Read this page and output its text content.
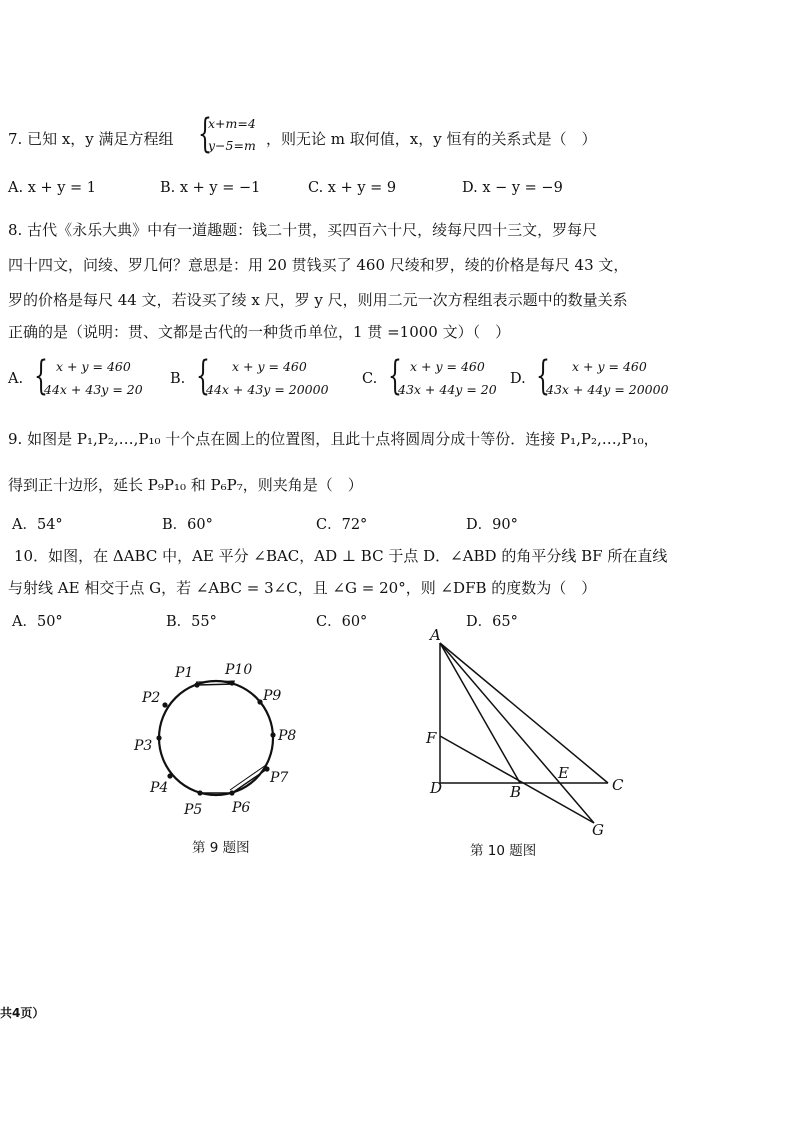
7. 已知 x，y 满足方程组 {
x+m=4
y−5=m ，则无论 m 取何值，x，y 恒有的关系式是（　）
A. x + y = 1	B. x + y = −1	C. x + y = 9	D. x − y = −9
8. 古代《永乐大典》中有一道趣题：钱二十贯，买四百六十尺，绫每尺四十三文，罗每尺
四十四文，问绫、罗几何？意思是：用 20 贯钱买了 460 尺绫和罗，绫的价格是每尺 43 文，
罗的价格是每尺 44 文，若设买了绫 x 尺，罗 y 尺，则用二元一次方程组表示题中的数量关系
正确的是（说明：贯、文都是古代的一种货币单位，1 贯 =1000 文）（　）
A. { x + y = 460
44x + 43y = 20
B. { x + y = 460
44x + 43y = 20000
C. { x + y = 460
43x + 44y = 20
D. { x + y = 460
43x + 44y = 20000
9. 如图是 P₁,P₂,…,P₁₀ 十个点在圆上的位置图，且此十点将圆周分成十等份．连接 P₁,P₂,…,P₁₀，
得到正十边形，延长 P₉P₁₀ 和 P₆P₇，则夹角是（　）
A．54°	B．60°	C．72°	D．90°
10．如图，在 ΔABC 中，AE 平分 ∠BAC，AD ⊥ BC 于点 D．∠ABD 的角平分线 BF 所在直线
与射线 AE 相交于点 G，若 ∠ABC = 3∠C，且 ∠G = 20°，则 ∠DFB 的度数为（　）
A．50°	B．55°	C．60°	D．65°
P1 P10
P2	P9
P3
P8
P4
P7
P5 P6
第 9 题图
A
F
D	B
E
C
G
第 10 题图
共4页）
